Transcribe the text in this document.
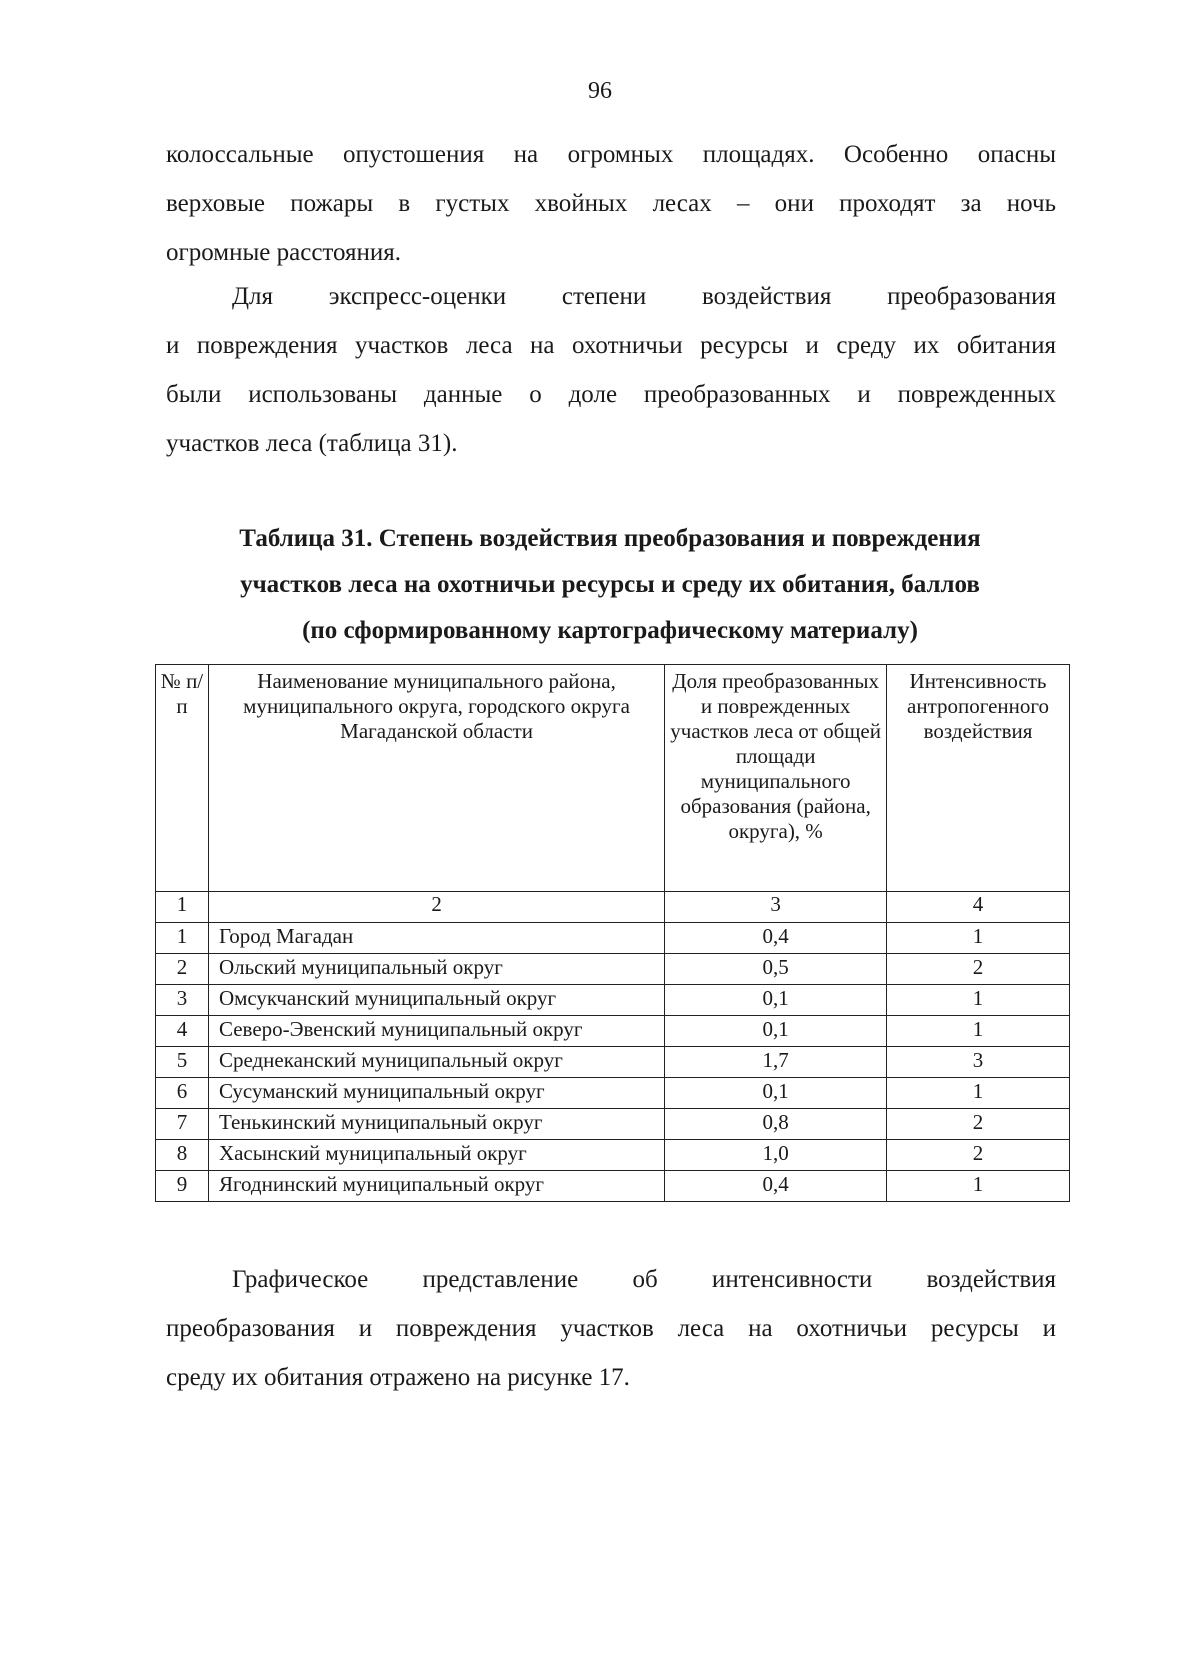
96

колоссальные опустошения на огромных площадях. Особенно опасны
верховые пожары в густых хвойных лесах – они проходят за ночь
огромные расстояния.

Для экспресс-оценки степени воздействия преобразования
и повреждения участков леса на охотничьи ресурсы и среду их обитания
были использованы данные о доле преобразованных и поврежденных
участков леса (таблица 31).

Таблица 31. Степень воздействия преобразования и повреждения
участков леса на охотничьи ресурсы и среду их обитания, баллов
(по сформированному картографическому материалу)
№ п/п	Наименование муниципального района, муниципального округа, городского округа Магаданской области	Доля преобразованных и поврежденных участков леса от общей площади муниципального образования (района, округа), %	Интенсивность антропогенного воздействия
1	2	3	4
1	Город Магадан	0,4	1
2	Ольский муниципальный округ	0,5	2
3	Омсукчанский муниципальный округ	0,1	1
4	Северо-Эвенский муниципальный округ	0,1	1
5	Среднеканский муниципальный округ	1,7	3
6	Сусуманский муниципальный округ	0,1	1
7	Тенькинский муниципальный округ	0,8	2
8	Хасынский муниципальный округ	1,0	2
9	Ягоднинский муниципальный округ	0,4	1

Графическое представление об интенсивности воздействия
преобразования и повреждения участков леса на охотничьи ресурсы и
среду их обитания отражено на рисунке 17.
